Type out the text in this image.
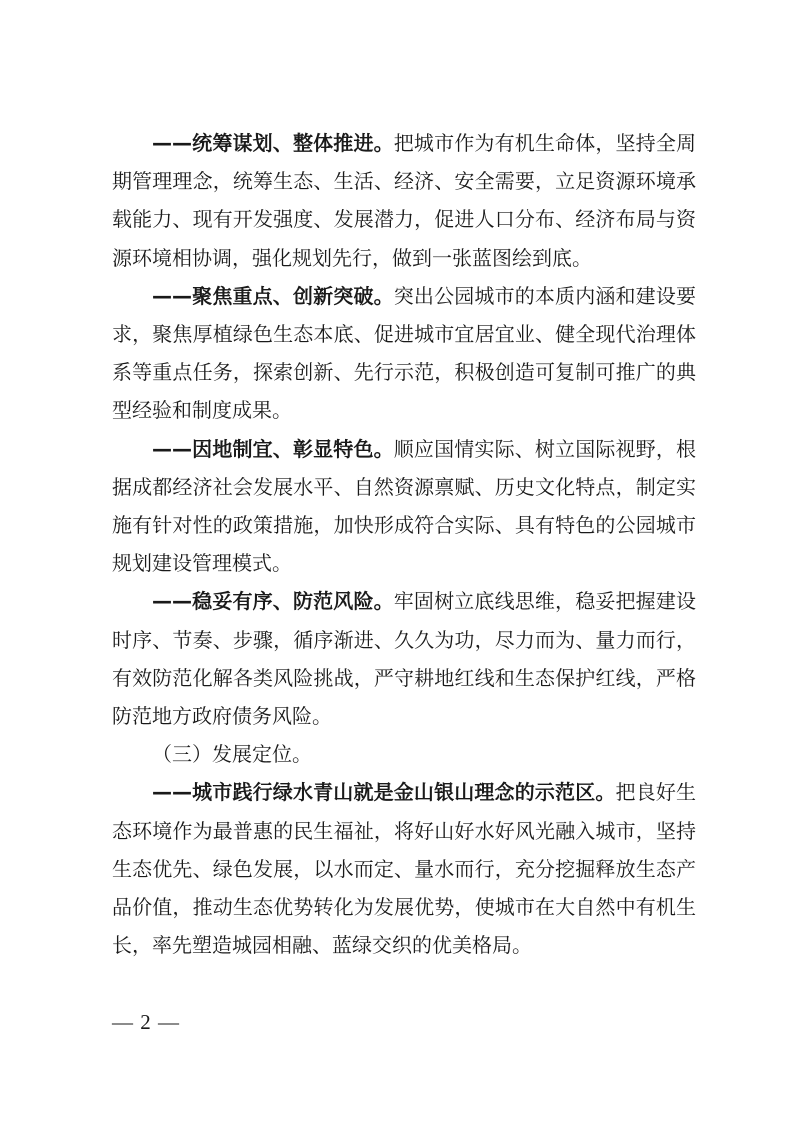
——统筹谋划、整体推进。把城市作为有机生命体，坚持全周期管理理念，统筹生态、生活、经济、安全需要，立足资源环境承载能力、现有开发强度、发展潜力，促进人口分布、经济布局与资源环境相协调，强化规划先行，做到一张蓝图绘到底。

——聚焦重点、创新突破。突出公园城市的本质内涵和建设要求，聚焦厚植绿色生态本底、促进城市宜居宜业、健全现代治理体系等重点任务，探索创新、先行示范，积极创造可复制可推广的典型经验和制度成果。

——因地制宜、彰显特色。顺应国情实际、树立国际视野，根据成都经济社会发展水平、自然资源禀赋、历史文化特点，制定实施有针对性的政策措施，加快形成符合实际、具有特色的公园城市规划建设管理模式。

——稳妥有序、防范风险。牢固树立底线思维，稳妥把握建设时序、节奏、步骤，循序渐进、久久为功，尽力而为、量力而行，有效防范化解各类风险挑战，严守耕地红线和生态保护红线，严格防范地方政府债务风险。

（三）发展定位。

——城市践行绿水青山就是金山银山理念的示范区。把良好生态环境作为最普惠的民生福祉，将好山好水好风光融入城市，坚持生态优先、绿色发展，以水而定、量水而行，充分挖掘释放生态产品价值，推动生态优势转化为发展优势，使城市在大自然中有机生长，率先塑造城园相融、蓝绿交织的优美格局。

— 2 —
